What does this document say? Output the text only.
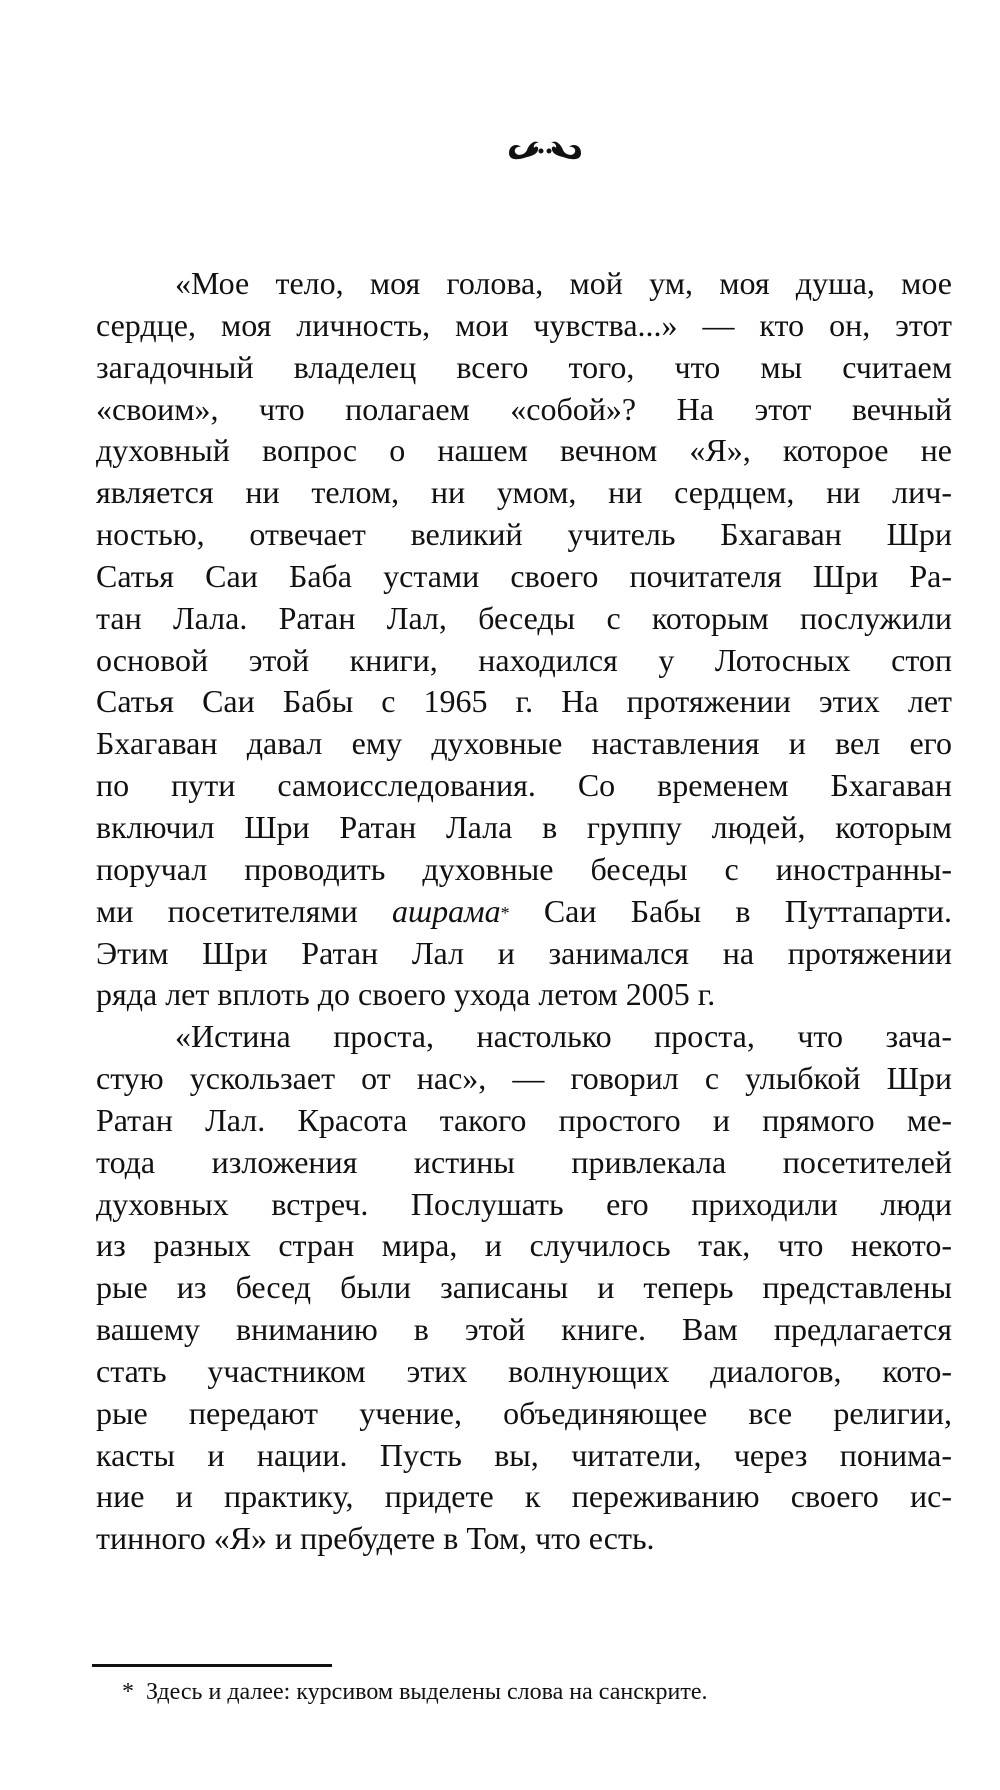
«Мое тело, моя голова, мой ум, моя душа, мое
сердце, моя личность, мои чувства...» — кто он, этот
загадочный владелец всего того, что мы считаем
«своим», что полагаем «собой»? На этот вечный
духовный вопрос о нашем вечном «Я», которое не
является ни телом, ни умом, ни сердцем, ни лич-
ностью, отвечает великий учитель Бхагаван Шри
Сатья Саи Баба устами своего почитателя Шри Ра-
тан Лала. Ратан Лал, беседы с которым послужили
основой этой книги, находился у Лотосных стоп
Сатья Саи Бабы с 1965 г. На протяжении этих лет
Бхагаван давал ему духовные наставления и вел его
по пути самоисследования. Со временем Бхагаван
включил Шри Ратан Лала в группу людей, которым
поручал проводить духовные беседы с иностранны-
ми посетителями ашрама* Саи Бабы в Путтапарти.
Этим Шри Ратан Лал и занимался на протяжении
ряда лет вплоть до своего ухода летом 2005 г.
«Истина проста, настолько проста, что зача-
стую ускользает от нас», — говорил с улыбкой Шри
Ратан Лал. Красота такого простого и прямого ме-
тода изложения истины привлекала посетителей
духовных встреч. Послушать его приходили люди
из разных стран мира, и случилось так, что некото-
рые из бесед были записаны и теперь представлены
вашему вниманию в этой книге. Вам предлагается
стать участником этих волнующих диалогов, кото-
рые передают учение, объединяющее все религии,
касты и нации. Пусть вы, читатели, через понима-
ние и практику, придете к переживанию своего ис-
тинного «Я» и пребудете в Том, что есть.
* Здесь и далее: курсивом выделены слова на санскрите.
